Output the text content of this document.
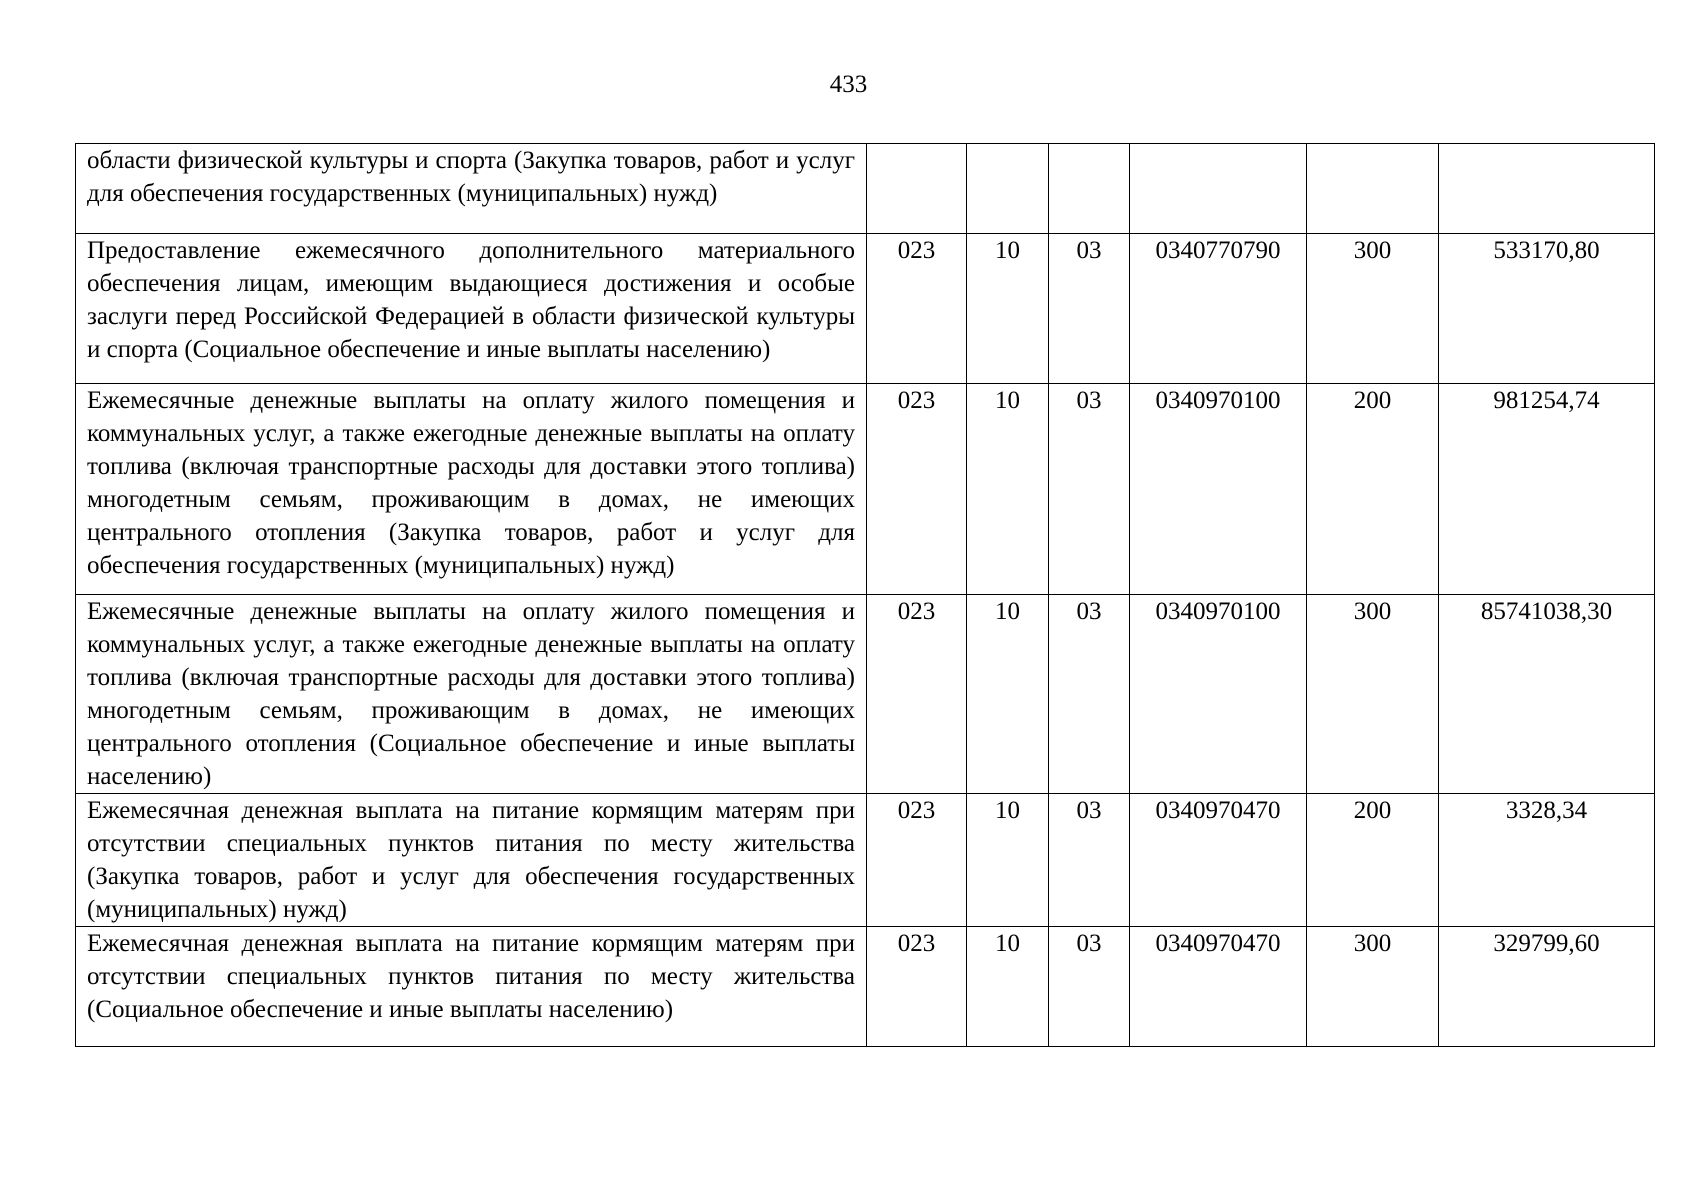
433
области физической культуры и спорта (Закупка товаров, работ и услуг для обеспечения государственных (муниципальных) нужд)						
Предоставление ежемесячного дополнительного материального обеспечения лицам, имеющим выдающиеся достижения и особые заслуги перед Российской Федерацией в области физической культуры и спорта (Социальное обеспечение и иные выплаты населению)	023	10	03	0340770790	300	533170,80
Ежемесячные денежные выплаты на оплату жилого помещения и коммунальных услуг, а также ежегодные денежные выплаты на оплату топлива (включая транспортные расходы для доставки этого топлива) многодетным семьям, проживающим в домах, не имеющих центрального отопления (Закупка товаров, работ и услуг для обеспечения государственных (муниципальных) нужд)	023	10	03	0340970100	200	981254,74
Ежемесячные денежные выплаты на оплату жилого помещения и коммунальных услуг, а также ежегодные денежные выплаты на оплату топлива (включая транспортные расходы для доставки этого топлива) многодетным семьям, проживающим в домах, не имеющих центрального отопления (Социальное обеспечение и иные выплаты населению)	023	10	03	0340970100	300	85741038,30
Ежемесячная денежная выплата на питание кормящим матерям при отсутствии специальных пунктов питания по месту жительства (Закупка товаров, работ и услуг для обеспечения государственных (муниципальных) нужд)	023	10	03	0340970470	200	3328,34
Ежемесячная денежная выплата на питание кормящим матерям при отсутствии специальных пунктов питания по месту жительства (Социальное обеспечение и иные выплаты населению)	023	10	03	0340970470	300	329799,60
